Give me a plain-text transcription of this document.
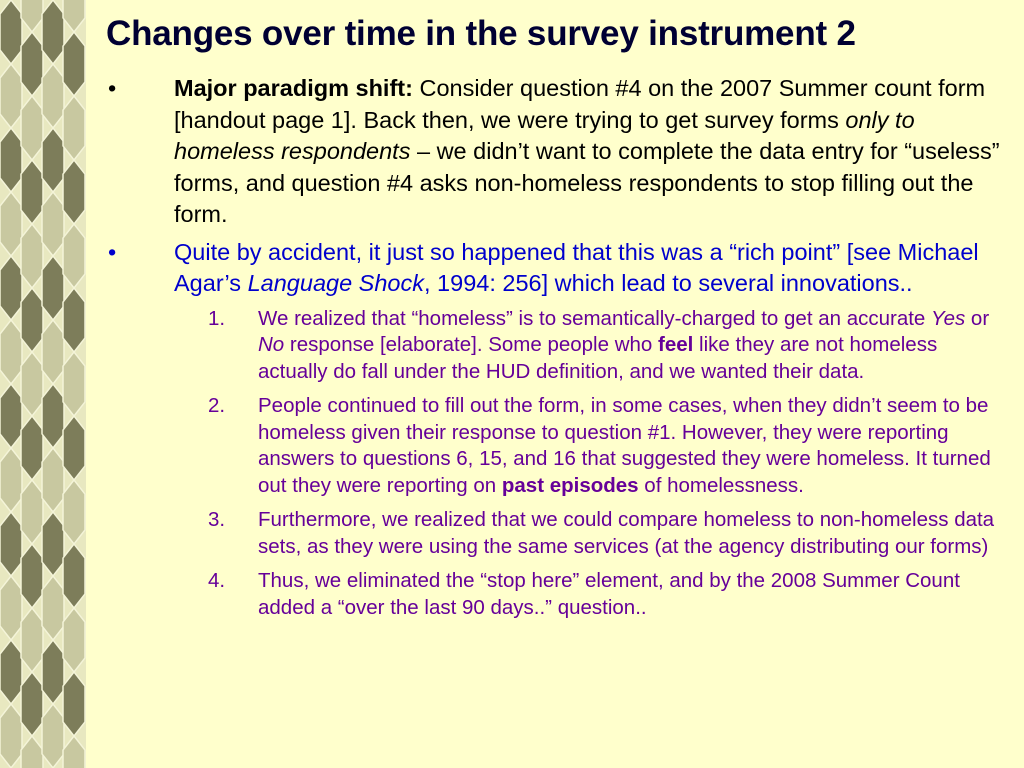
Changes over time in the survey instrument 2
• Major paradigm shift: Consider question #4 on the 2007 Summer count form [handout page 1]. Back then, we were trying to get survey forms only to homeless respondents – we didn’t want to complete the data entry for “useless” forms, and question #4 asks non-homeless respondents to stop filling out the form.
• Quite by accident, it just so happened that this was a “rich point” [see Michael Agar’s Language Shock, 1994: 256] which lead to several innovations..
1. We realized that “homeless” is to semantically-charged to get an accurate Yes or No response [elaborate]. Some people who feel like they are not homeless actually do fall under the HUD definition, and we wanted their data.
2. People continued to fill out the form, in some cases, when they didn’t seem to be homeless given their response to question #1. However, they were reporting answers to questions 6, 15, and 16 that suggested they were homeless. It turned out they were reporting on past episodes of homelessness.
3. Furthermore, we realized that we could compare homeless to non-homeless data sets, as they were using the same services (at the agency distributing our forms)
4. Thus, we eliminated the “stop here” element, and by the 2008 Summer Count added a “over the last 90 days..” question..
